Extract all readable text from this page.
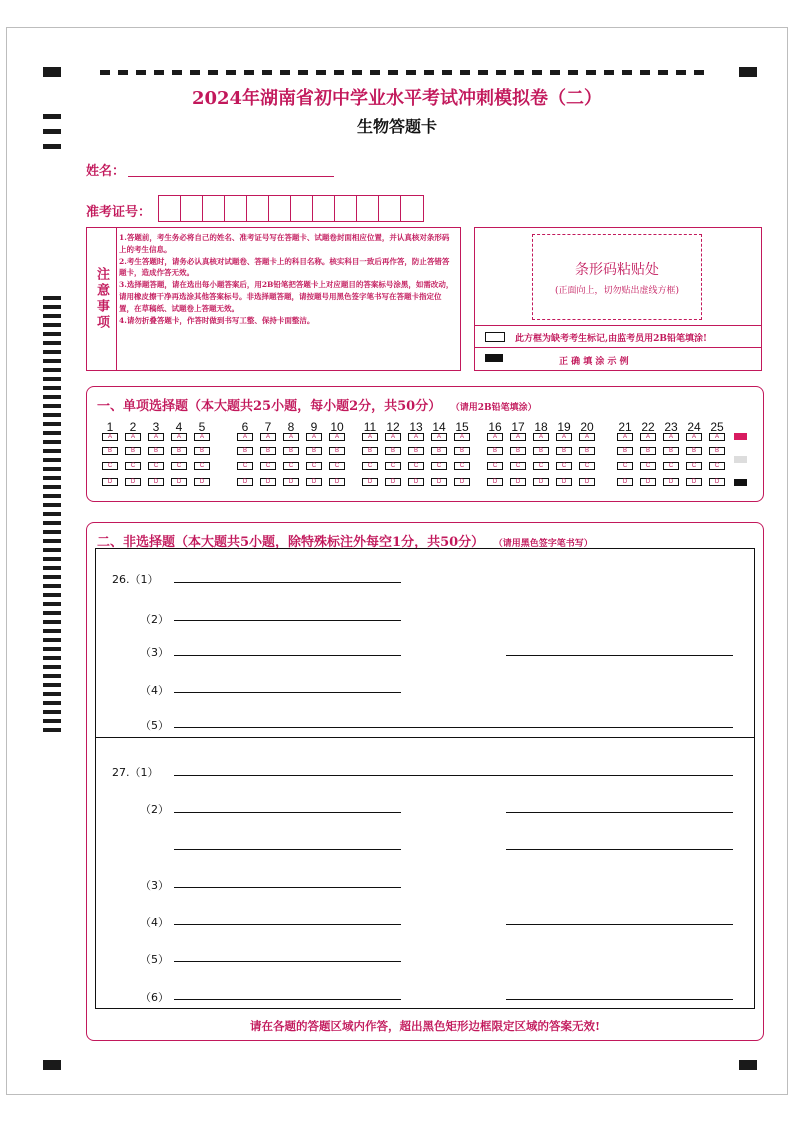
2024年湖南省初中学业水平考试冲刺模拟卷（二）
生物答题卡
姓名：
准考证号：
注意事项
1.答题前，考生务必将自己的姓名、准考证号写在答题卡、试题卷封面相应位置，并认真核对条形码上的考生信息。
2.考生答题时，请务必认真核对试题卷、答题卡上的科目名称。核实科目一致后再作答，防止答错答题卡，造成作答无效。
3.选择题答题，请在选出每小题答案后，用2B铅笔把答题卡上对应题目的答案标号涂黑，如需改动，请用橡皮擦干净再选涂其他答案标号。非选择题答题，请按题号用黑色签字笔书写在答题卡指定位置，在草稿纸、试题卷上答题无效。
4.请勿折叠答题卡，作答时做到书写工整、保持卡面整洁。
条形码粘贴处
(正面向上，切勿贴出虚线方框)
此方框为缺考考生标记,由监考员用2B铅笔填涂!
正 确 填 涂 示 例
一、单项选择题（本大题共25小题，每小题2分，共50分） （请用2B铅笔填涂）
1
A
B
C
D
2
A
B
C
D
3
A
B
C
D
4
A
B
C
D
5
A
B
C
D
6
A
B
C
D
7
A
B
C
D
8
A
B
C
D
9
A
B
C
D
10
A
B
C
D
11
A
B
C
D
12
A
B
C
D
13
A
B
C
D
14
A
B
C
D
15
A
B
C
D
16
A
B
C
D
17
A
B
C
D
18
A
B
C
D
19
A
B
C
D
20
A
B
C
D
21
A
B
C
D
22
A
B
C
D
23
A
B
C
D
24
A
B
C
D
25
A
B
C
D
二、非选择题（本大题共5小题，除特殊标注外每空1分，共50分） （请用黑色签字笔书写）
26.（1）
（2）
（3）
（4）
（5）
27.（1）
（2）
（3）
（4）
（5）
（6）
请在各题的答题区域内作答，超出黑色矩形边框限定区域的答案无效!
